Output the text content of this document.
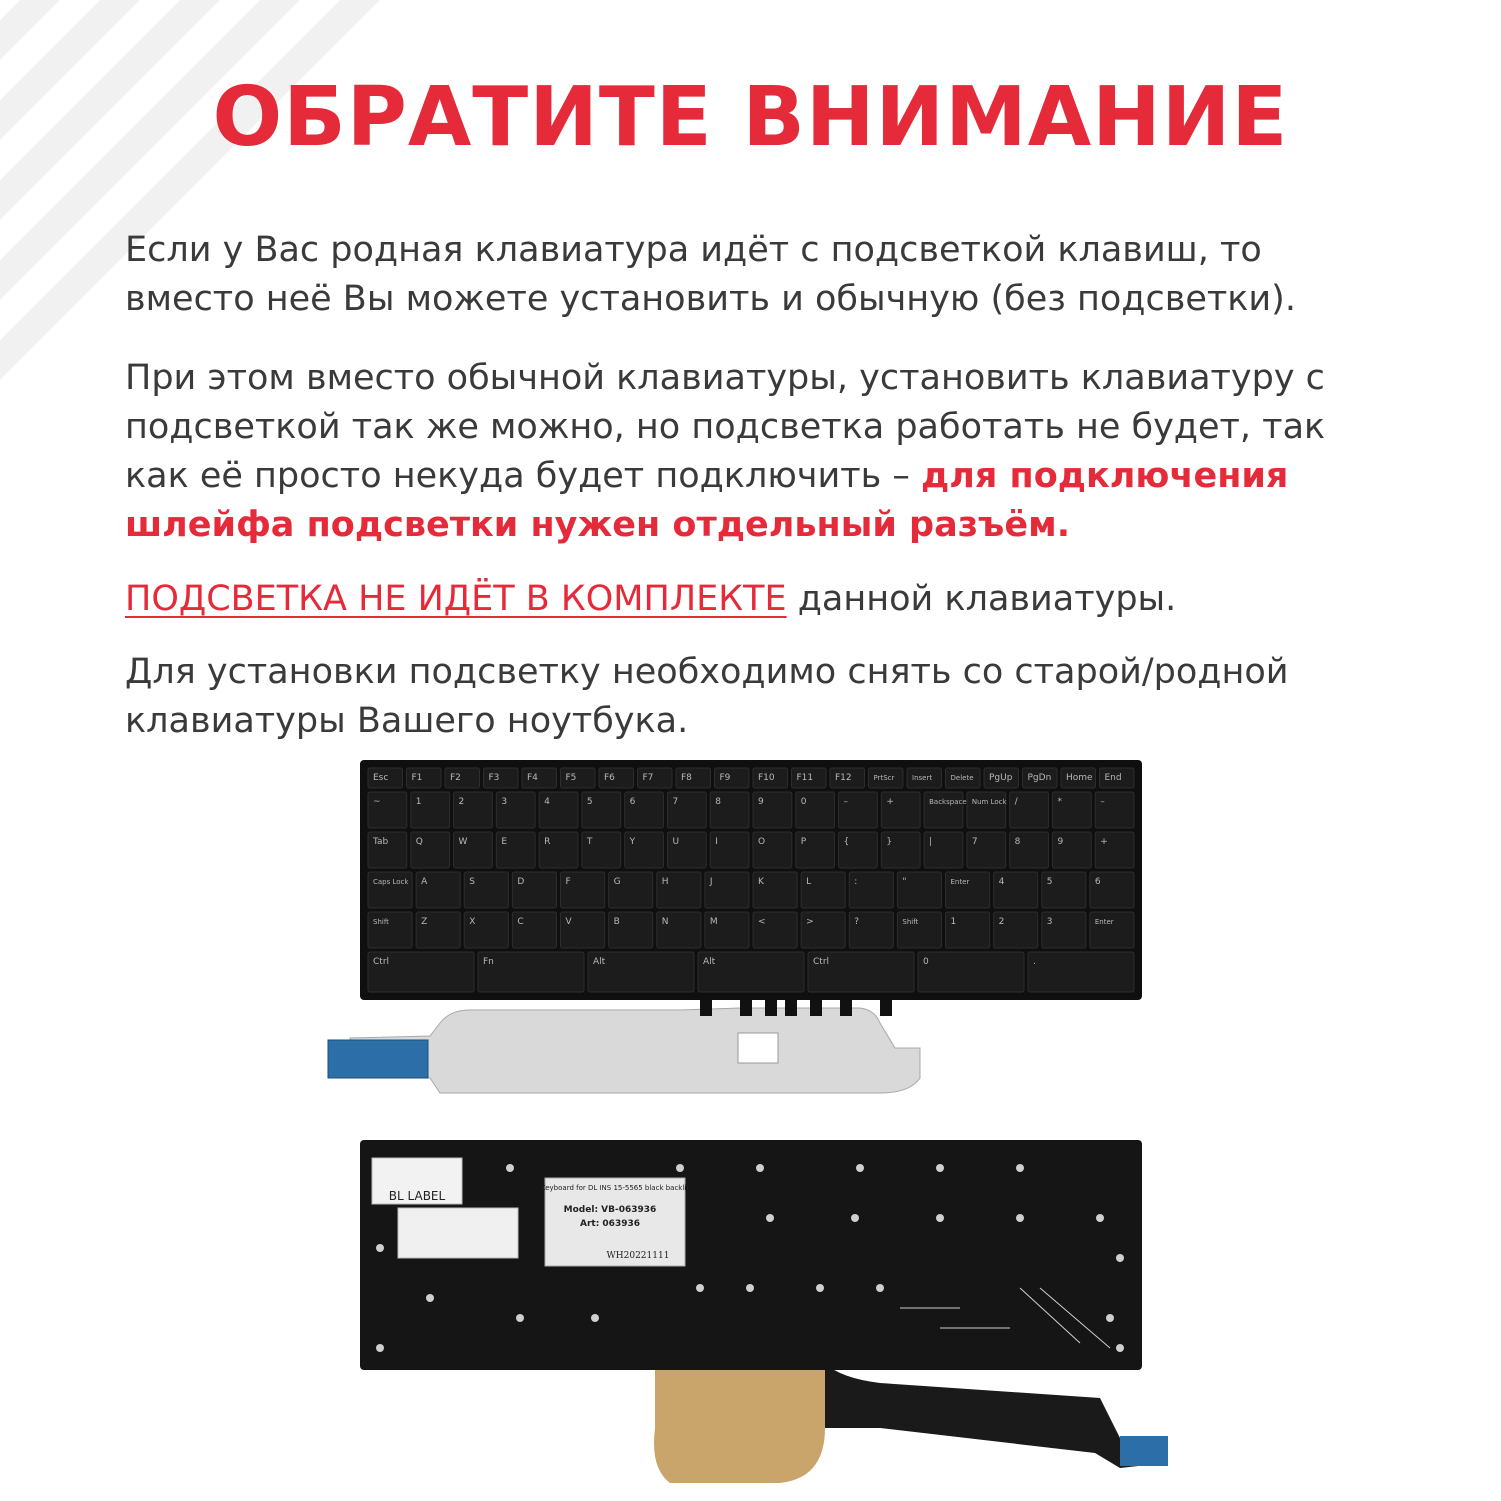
ОБРАТИТЕ ВНИМАНИЕ

Если у Вас родная клавиатура идёт с подсветкой клавиш, то вместо неё Вы можете установить и обычную (без подсветки).

При этом вместо обычной клавиатуры, установить клавиатуру с подсветкой так же можно, но подсветка работать не будет, так как её просто некуда будет подключить – для подключения шлейфа подсветки нужен отдельный разъём.

ПОДСВЕТКА НЕ ИДЁТ В КОМПЛЕКТЕ данной клавиатуры.

Для установки подсветку необходимо снять со старой/родной клавиатуры Вашего ноутбука.

Esc	F1	F2	F3	F4	F5	F6	F7	F8	F9	F10 F11 F12	PrtScr	Insert	Delete PgUp PgDn Home End
~	1	2	3	4	5	6	7	8	9	0	–	+	Backspace Num Lock /	*	–
Tab	Q	W	E	R	T	Y	U	I	O	P	{	}	|	7	8	9	+
Caps Lock A	S	D	F	G	H	J	K	L	:	"	Enter	4	5	6
Shift	Z	X	C	V	B	N	M	<	>	?	Shift	1	2	3	Enter
Ctrl	Fn	Alt	Alt	Ctrl	0	.
BL LABEL
Keyboard for DL INS 15-5565 black backlit
Model: VB-063936
Art: 063936
WH20221111
